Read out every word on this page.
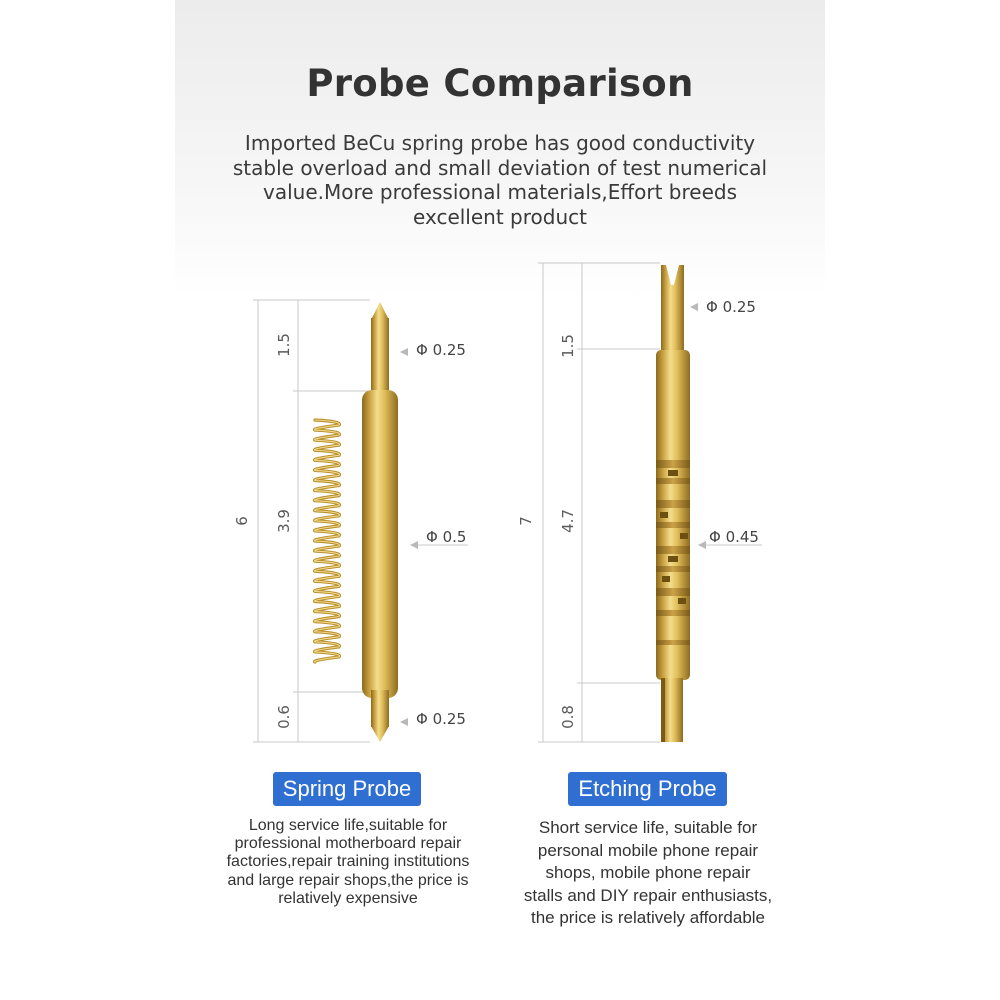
Probe Comparison
Imported BeCu spring probe has good conductivity
stable overload and small deviation of test numerical
value.More professional materials,Effort breeds
excellent product
6
1.5
3.9
0.6
Φ 0.25
Φ 0.5
Φ 0.25
7
1.5
4.7
0.8
Φ 0.25
Φ 0.45
Spring Probe	Etching Probe
Long service life,suitable for
professional motherboard repair
factories,repair training institutions
and large repair shops,the price is
relatively expensive
Short service life, suitable for
personal mobile phone repair
shops, mobile phone repair
stalls and DIY repair enthusiasts,
the price is relatively affordable
